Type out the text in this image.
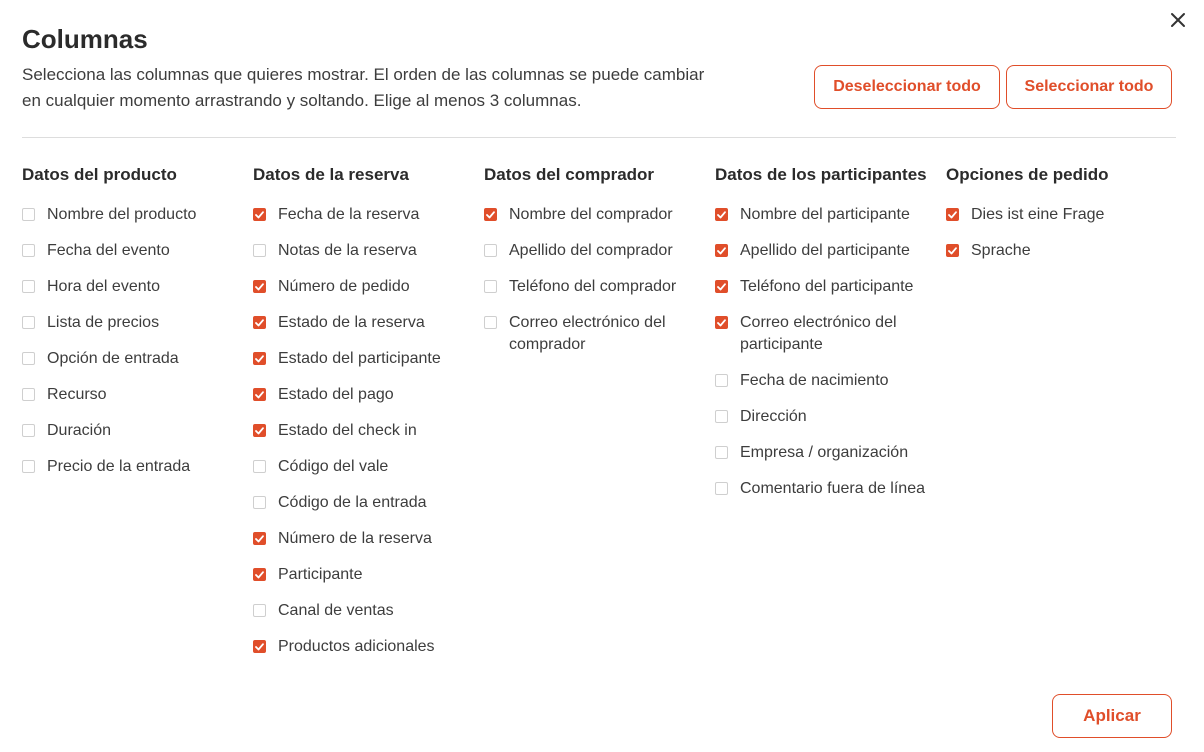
Columnas

Selecciona las columnas que quieres mostrar. El orden de las columnas se puede cambiar en cualquier momento arrastrando y soltando. Elige al menos 3 columnas.

Deseleccionar todo	Seleccionar todo
Datos del producto
Nombre del producto
Fecha del evento
Hora del evento
Lista de precios
Opción de entrada
Recurso
Duración
Precio de la entrada
Datos de la reserva
Fecha de la reserva
Notas de la reserva
Número de pedido
Estado de la reserva
Estado del participante
Estado del pago
Estado del check in
Código del vale
Código de la entrada
Número de la reserva
Participante
Canal de ventas
Productos adicionales
Datos del comprador
Nombre del comprador
Apellido del comprador
Teléfono del comprador
Correo electrónico del comprador
Datos de los participantes
Nombre del participante
Apellido del participante
Teléfono del participante
Correo electrónico del participante
Fecha de nacimiento
Dirección
Empresa / organización
Comentario fuera de línea
Opciones de pedido
Dies ist eine Frage
Sprache
Aplicar
